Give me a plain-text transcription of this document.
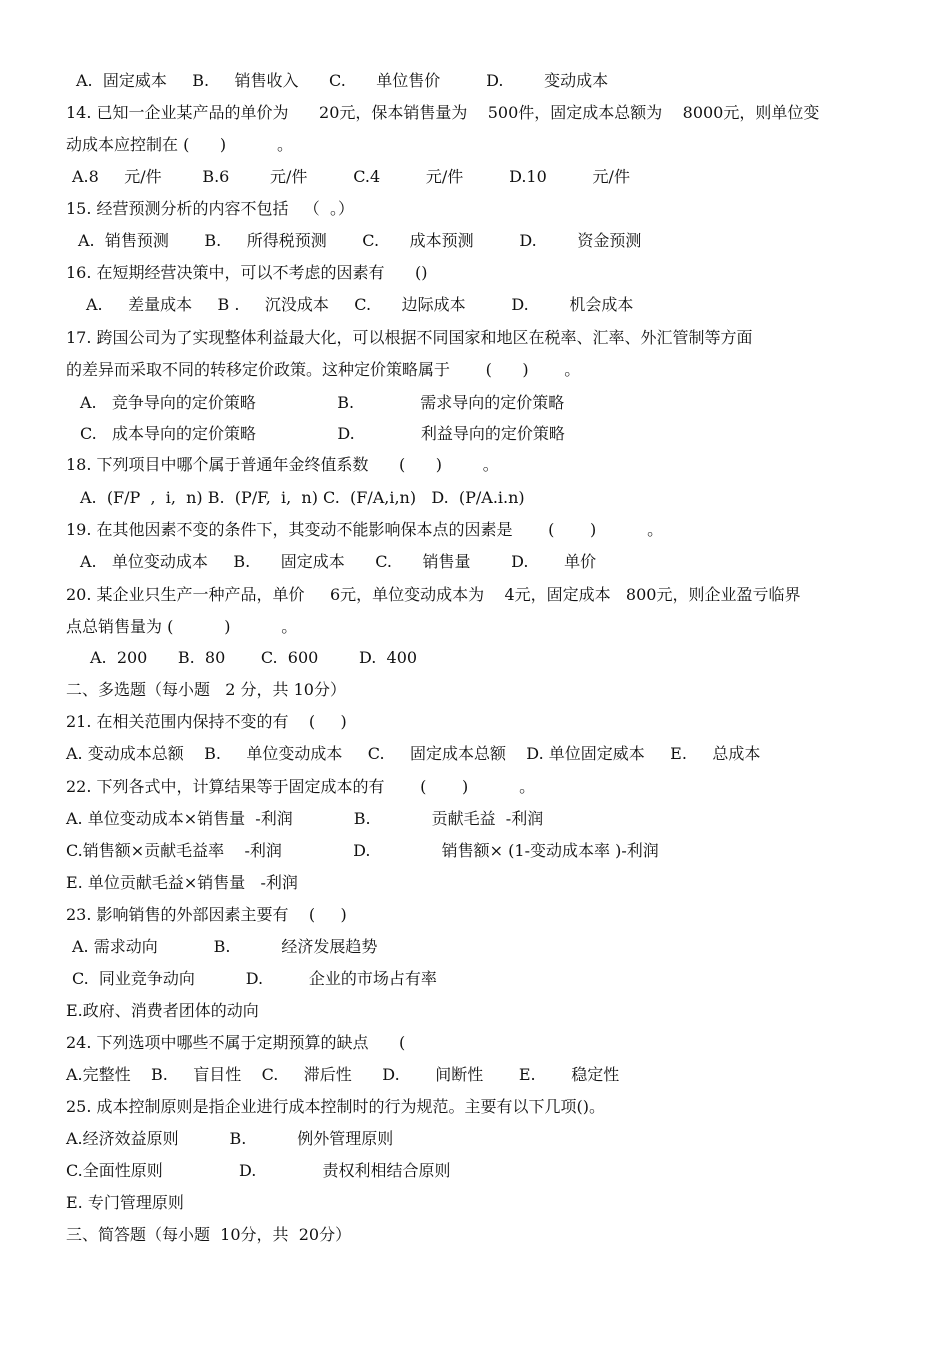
A.  固定威本     B.     销售收入      C.      单位售价         D.        变动成本
14. 已知一企业某产品的单价为      20元，保本销售量为    500件，固定成本总额为    8000元，则单位变
动成本应控制在 (      )          。
A.8     元/件        B.6        元/件         C.4         元/件         D.10         元/件
15. 经营预测分析的内容不包括   （  。）
A.  销售预测       B.     所得税预测       C.      成本预测         D.        资金预测
16. 在短期经营决策中，可以不考虑的因素有      ()
A.     差量成本     B .     沉没成本     C.      边际成本         D.        机会成本
17. 跨国公司为了实现整体利益最大化，可以根据不同国家和地区在税率、汇率、外汇管制等方面
的差异而采取不同的转移定价政策。这种定价策略属于       (      )       。
A.   竞争导向的定价策略                B.             需求导向的定价策略
C.   成本导向的定价策略                D.             利益导向的定价策略
18. 下列项目中哪个属于普通年金终值系数      (      )        。
A.  (F/P  ,  i,  n) B.  (P/F,  i,  n) C.  (F/A,i,n)   D.  (P/A.i.n)
19. 在其他因素不变的条件下，其变动不能影响保本点的因素是       (       )          。
A.   单位变动成本     B.      固定成本      C.      销售量        D.       单价
20. 某企业只生产一种产品，单价     6元，单位变动成本为    4元，固定成本   800元，则企业盈亏临界
点总销售量为 (          )          。
A.  200      B.  80       C.  600        D.  400
二、多选题（每小题   2 分，共 10分）
21. 在相关范围内保持不变的有    (     )
A. 变动成本总额    B.     单位变动成本     C.     固定成本总额    D. 单位固定威本     E.     总成本
22. 下列各式中，计算结果等于固定成本的有       (       )          。
A. 单位变动成本×销售量  -利润            B.            贡献毛益  -利润
C.销售额×贡献毛益率    -利润              D.              销售额× (1-变动成本率 )-利润
E. 单位贡献毛益×销售量   -利润
23. 影响销售的外部因素主要有    (     )
A. 需求动向           B.          经济发展趋势
C.  同业竞争动向          D.         企业的市场占有率
E.政府、消费者团体的动向
24. 下列选项中哪些不属于定期预算的缺点      (
A.完整性    B.     盲目性    C.     滞后性      D.       间断性       E.       稳定性
25. 成本控制原则是指企业进行成本控制时的行为规范。主要有以下几项()。
A.经济效益原则          B.          例外管理原则
C.全面性原则               D.             责权利相结合原则
E. 专门管理原则
三、简答题（每小题  10分，共  20分）
